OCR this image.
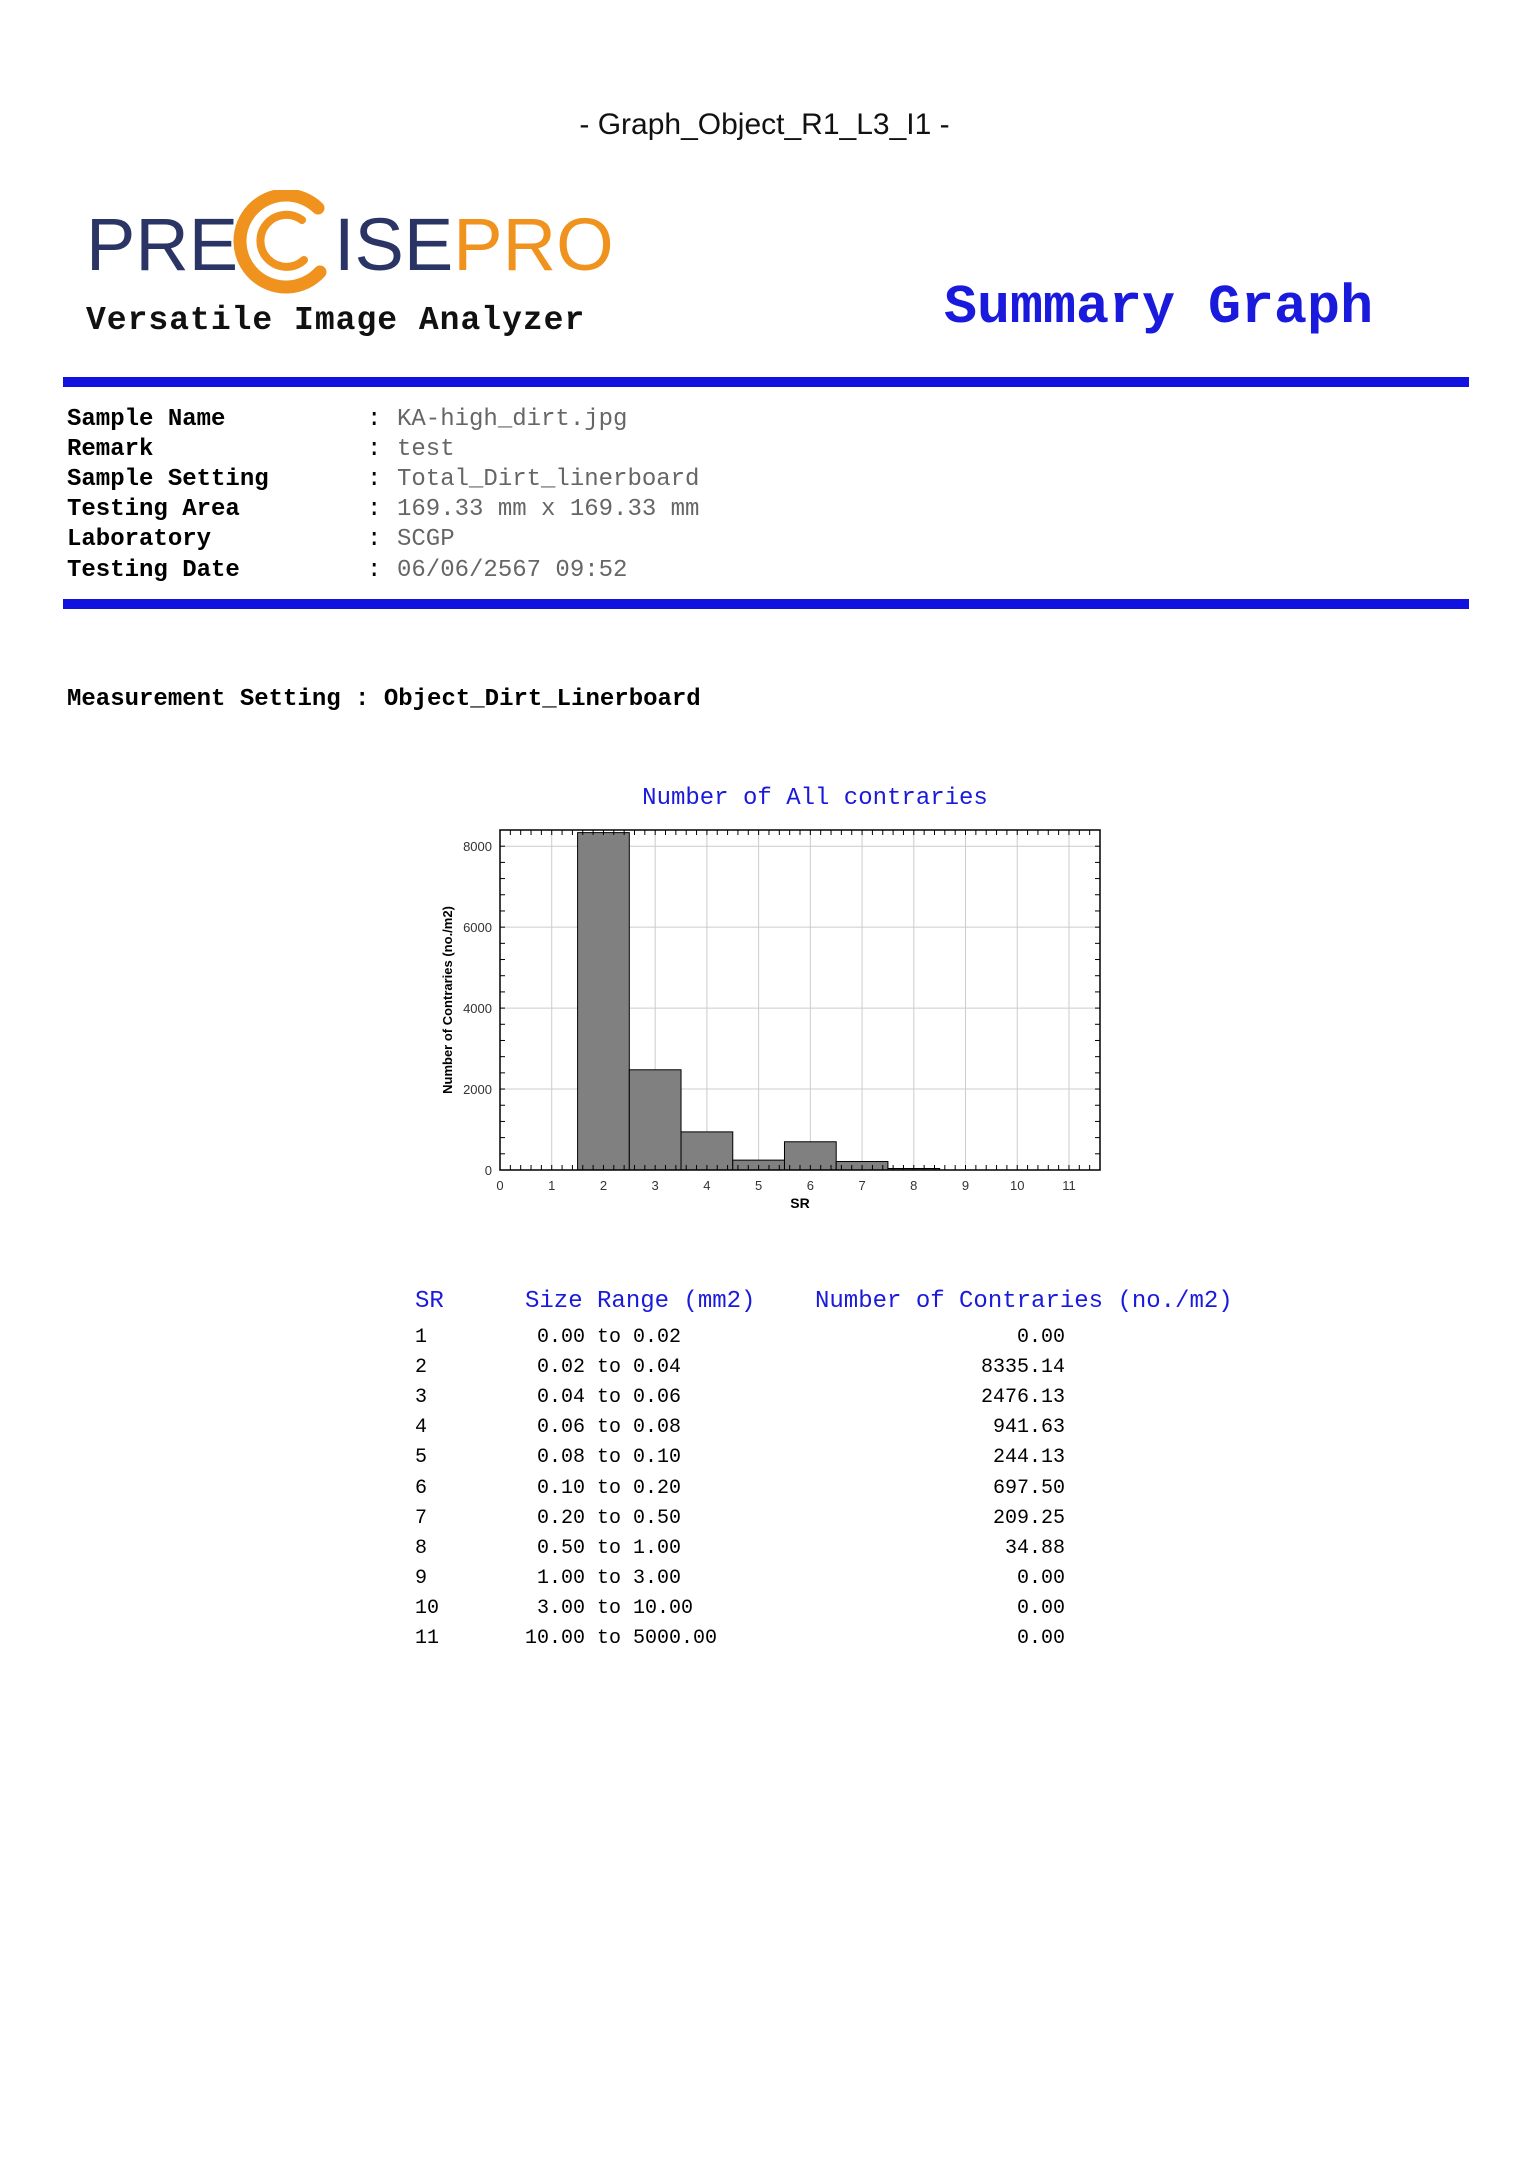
- Graph_Object_R1_L3_I1 -
PRE ISEPRO
Versatile Image Analyzer	Summary Graph
Sample Name	: KA-high_dirt.jpg
Remark	: test
Sample Setting	: Total_Dirt_linerboard
Testing Area	: 169.33 mm x 169.33 mm
Laboratory	: SCGP
Testing Date	: 06/06/2567 09:52
Measurement Setting : Object_Dirt_Linerboard
Number of All contraries
0	1	2	3	4	5	6	7	8	9	10	11
0
2000
4000
6000
8000
SR
Number of Contraries (no./m2)
SR	Size Range (mm2)	Number of Contraries (no./m2)
1	0.00 to 0.02	0.00
2	0.02 to 0.04	8335.14
3	0.04 to 0.06	2476.13
4	0.06 to 0.08	941.63
5	0.08 to 0.10	244.13
6	0.10 to 0.20	697.50
7	0.20 to 0.50	209.25
8	0.50 to 1.00	34.88
9	1.00 to 3.00	0.00
10	3.00 to 10.00	0.00
11	10.00 to 5000.00	0.00
